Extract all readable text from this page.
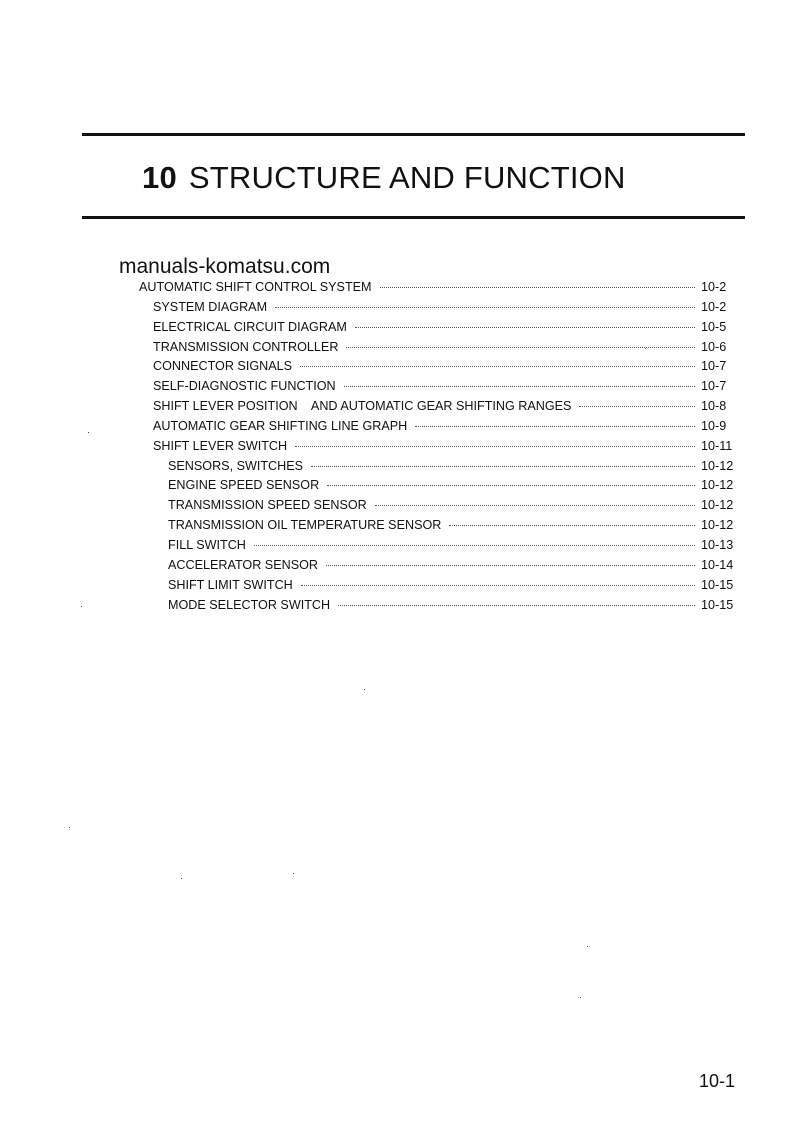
10 STRUCTURE AND FUNCTION
manuals-komatsu.com
AUTOMATIC SHIFT CONTROL SYSTEM	10-2
SYSTEM DIAGRAM	10-2
ELECTRICAL CIRCUIT DIAGRAM	10-5
TRANSMISSION CONTROLLER	10-6
CONNECTOR SIGNALS	10-7
SELF-DIAGNOSTIC FUNCTION	10-7
SHIFT LEVER POSITION    AND AUTOMATIC GEAR SHIFTING RANGES	10-8
AUTOMATIC GEAR SHIFTING LINE GRAPH	10-9
SHIFT LEVER SWITCH	10-11
SENSORS, SWITCHES	10-12
ENGINE SPEED SENSOR	10-12
TRANSMISSION SPEED SENSOR	10-12
TRANSMISSION OIL TEMPERATURE SENSOR	10-12
FILL SWITCH	10-13
ACCELERATOR SENSOR	10-14
SHIFT LIMIT SWITCH	10-15
MODE SELECTOR SWITCH	10-15
10-1
